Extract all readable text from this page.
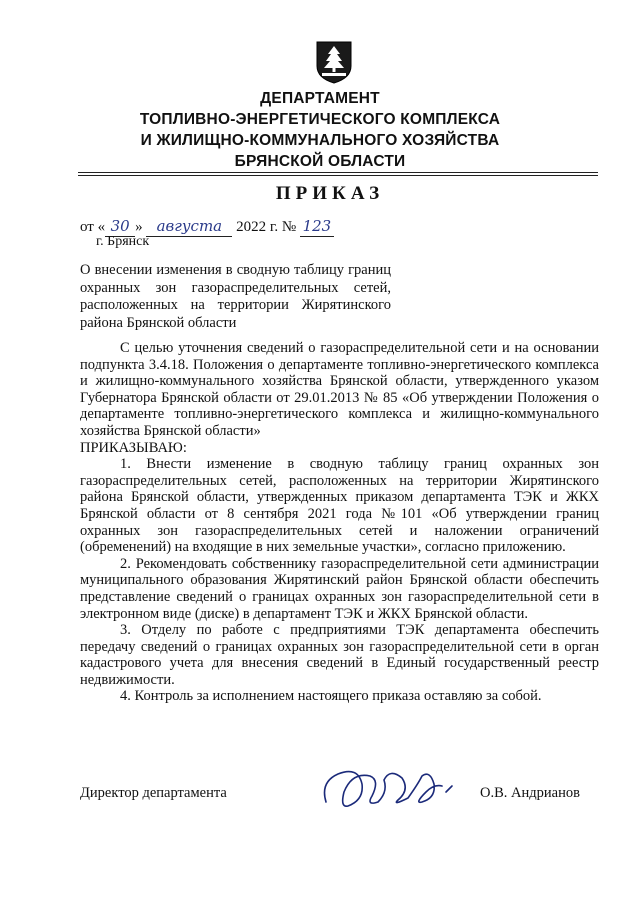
ДЕПАРТАМЕНТ
ТОПЛИВНО-ЭНЕРГЕТИЧЕСКОГО КОМПЛЕКСА
И ЖИЛИЩНО-КОММУНАЛЬНОГО ХОЗЯЙСТВА
БРЯНСКОЙ ОБЛАСТИ
ПРИКАЗ
от « 30 » августа 2022 г. № 123
г. Брянск
О внесении изменения в сводную таблицу границ охранных зон газораспределительных сетей, расположенных на территории Жирятинского района Брянской области

С целью уточнения сведений о газораспределительной сети и на основании подпункта 3.4.18. Положения о департаменте топливно-энергетического комплекса и жилищно-коммунального хозяйства Брянской области, утвержденного указом Губернатора Брянской области от 29.01.2013 № 85 «Об утверждении Положения о департаменте топливно-энергетического комплекса и жилищно-коммунального хозяйства Брянской области»

ПРИКАЗЫВАЮ:

1. Внести изменение в сводную таблицу границ охранных зон газораспределительных сетей, расположенных на территории Жирятинского района Брянской области, утвержденных приказом департамента ТЭК и ЖКХ Брянской области от 8 сентября 2021 года №101 «Об утверждении границ охранных зон газораспределительных сетей и наложении ограничений (обременений) на входящие в них земельные участки», согласно приложению.

2. Рекомендовать собственнику газораспределительной сети администрации муниципального образования Жирятинский район Брянской области обеспечить представление сведений о границах охранных зон газораспределительной сети в электронном виде (диске) в департамент ТЭК и ЖКХ Брянской области.

3. Отделу по работе с предприятиями ТЭК департамента обеспечить передачу сведений о границах охранных зон газораспределительной сети в орган кадастрового учета для внесения сведений в Единый государственный реестр недвижимости.

4. Контроль за исполнением настоящего приказа оставляю за собой.

Директор департамента	О.В. Андрианов
